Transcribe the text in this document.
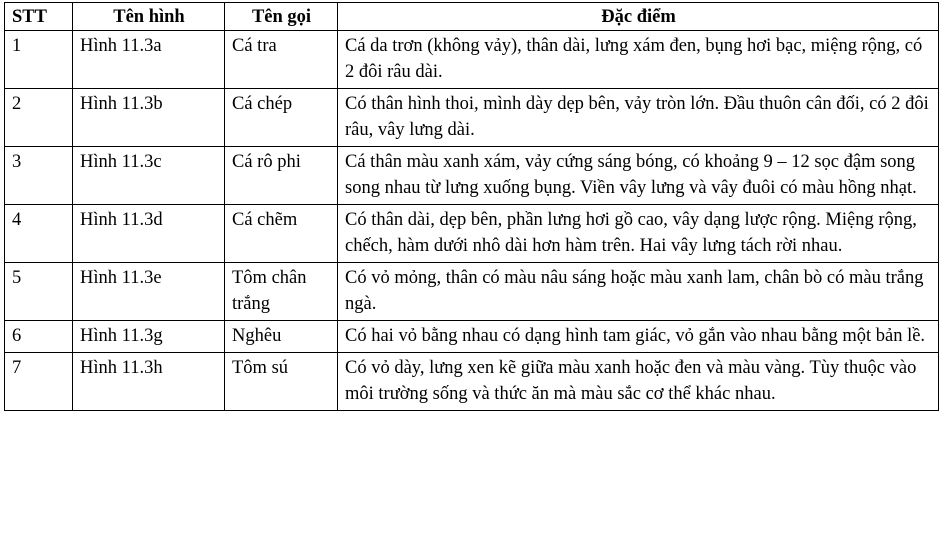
STT	Tên hình	Tên gọi	Đặc điểm
1	Hình 11.3a	Cá tra	Cá da trơn (không vảy), thân dài, lưng xám đen, bụng hơi bạc, miệng rộng, có 2 đôi râu dài.
2	Hình 11.3b	Cá chép	Có thân hình thoi, mình dày dẹp bên, vảy tròn lớn. Đầu thuôn cân đối, có 2 đôi râu, vây lưng dài.
3	Hình 11.3c	Cá rô phi	Cá thân màu xanh xám, vảy cứng sáng bóng, có khoảng 9 – 12 sọc đậm song song nhau từ lưng xuống bụng. Viền vây lưng và vây đuôi có màu hồng nhạt.
4	Hình 11.3d	Cá chẽm	Có thân dài, dẹp bên, phần lưng hơi gồ cao, vây dạng lược rộng. Miệng rộng, chếch, hàm dưới nhô dài hơn hàm trên. Hai vây lưng tách rời nhau.
5	Hình 11.3e	Tôm chân trắng	Có vỏ mỏng, thân có màu nâu sáng hoặc màu xanh lam, chân bò có màu trắng ngà.
6	Hình 11.3g	Nghêu	Có hai vỏ bằng nhau có dạng hình tam giác, vỏ gắn vào nhau bằng một bản lề.
7	Hình 11.3h	Tôm sú	Có vỏ dày, lưng xen kẽ giữa màu xanh hoặc đen và màu vàng. Tùy thuộc vào môi trường sống và thức ăn mà màu sắc cơ thể khác nhau.
